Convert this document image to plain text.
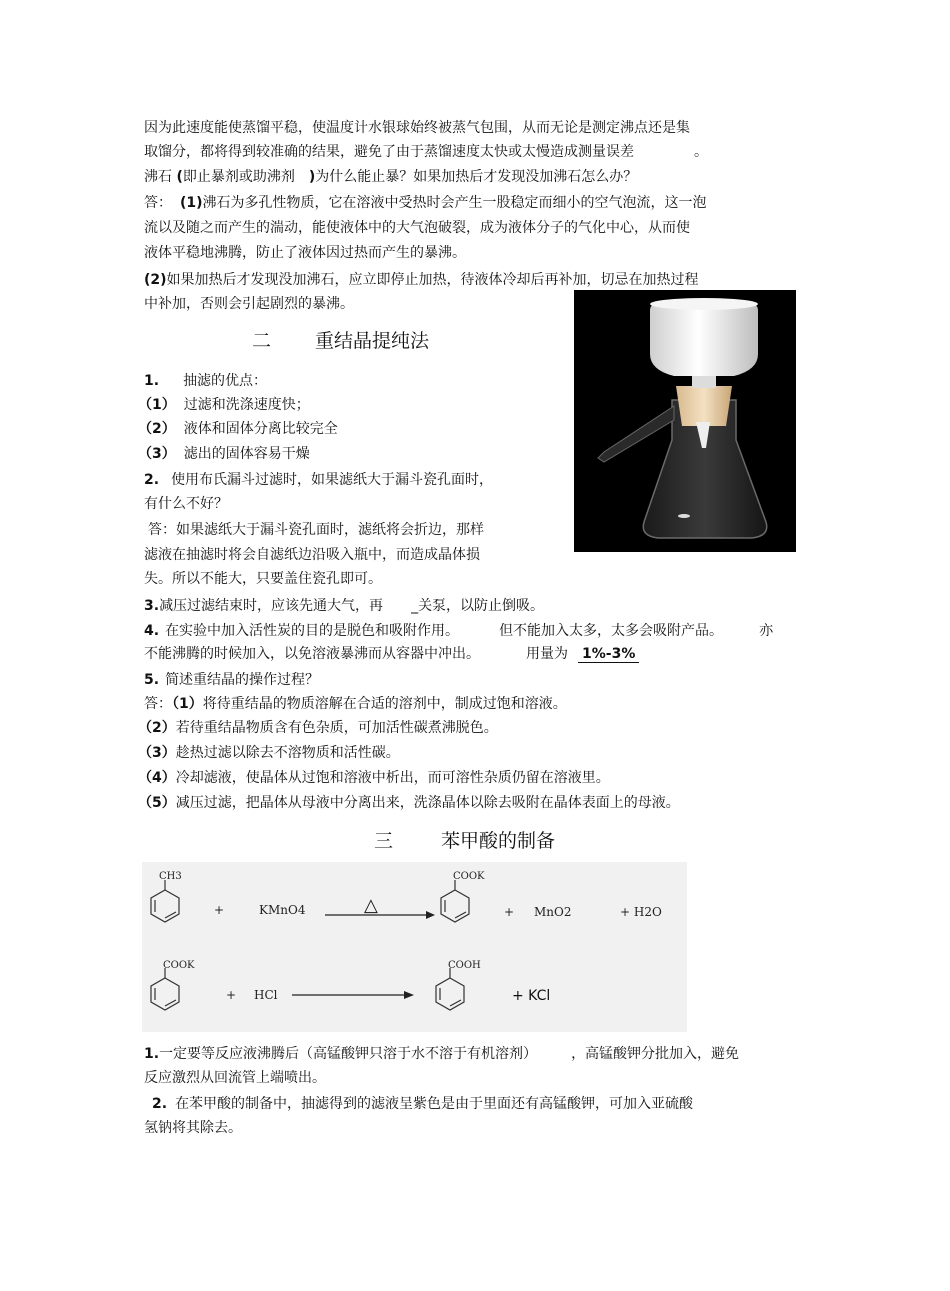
因为此速度能使蒸馏平稳，使温度计水银球始终被蒸气包围，从而无论是测定沸点还是集
取馏分，都将得到较准确的结果，避免了由于蒸馏速度太快或太慢造成测量误差	。
沸石 (即止暴剂或助沸剂 )为什么能止暴？如果加热后才发现没加沸石怎么办？
答： (1)沸石为多孔性物质，它在溶液中受热时会产生一股稳定而细小的空气泡流，这一泡
流以及随之而产生的湍动，能使液体中的大气泡破裂，成为液体分子的气化中心，从而使
液体平稳地沸腾，防止了液体因过热而产生的暴沸。
(2)如果加热后才发现没加沸石，应立即停止加热，待液体冷却后再补加，切忌在加热过程
中补加，否则会引起剧烈的暴沸。
二 重结晶提纯法
1. 抽滤的优点：
（1） 过滤和洗涤速度快；
（2） 液体和固体分离比较完全
（3） 滤出的固体容易干燥
2. 使用布氏漏斗过滤时，如果滤纸大于漏斗瓷孔面时，
有什么不好？
答：如果滤纸大于漏斗瓷孔面时，滤纸将会折边，那样
滤液在抽滤时将会自滤纸边沿吸入瓶中，而造成晶体损
失。所以不能大，只要盖住瓷孔即可。
3.减压过滤结束时，应该先通大气，再 _关泵，以防止倒吸。
4. 在实验中加入活性炭的目的是脱色和吸附作用。	但不能加入太多，太多会吸附产品。	亦
不能沸腾的时候加入，以免溶液暴沸而从容器中冲出。	用量为 1%-3%
5. 简述重结晶的操作过程？
答：（1）将待重结晶的物质溶解在合适的溶剂中，制成过饱和溶液。
（2）若待重结晶物质含有色杂质，可加活性碳煮沸脱色。
（3）趁热过滤以除去不溶物质和活性碳。
（4）冷却滤液，使晶体从过饱和溶液中析出，而可溶性杂质仍留在溶液里。
（5）减压过滤，把晶体从母液中分离出来，洗涤晶体以除去吸附在晶体表面上的母液。
三	苯甲酸的制备
CH3
+	KMnO4	△
COOK
+ MnO2	+ H2O
COOK
+ HCl
COOH
+ KCl
1.一定要等反应液沸腾后（高锰酸钾只溶于水不溶于有机溶剂） ，高锰酸钾分批加入，避免
反应激烈从回流管上端喷出。
2. 在苯甲酸的制备中，抽滤得到的滤液呈紫色是由于里面还有高锰酸钾，可加入亚硫酸
氢钠将其除去。
